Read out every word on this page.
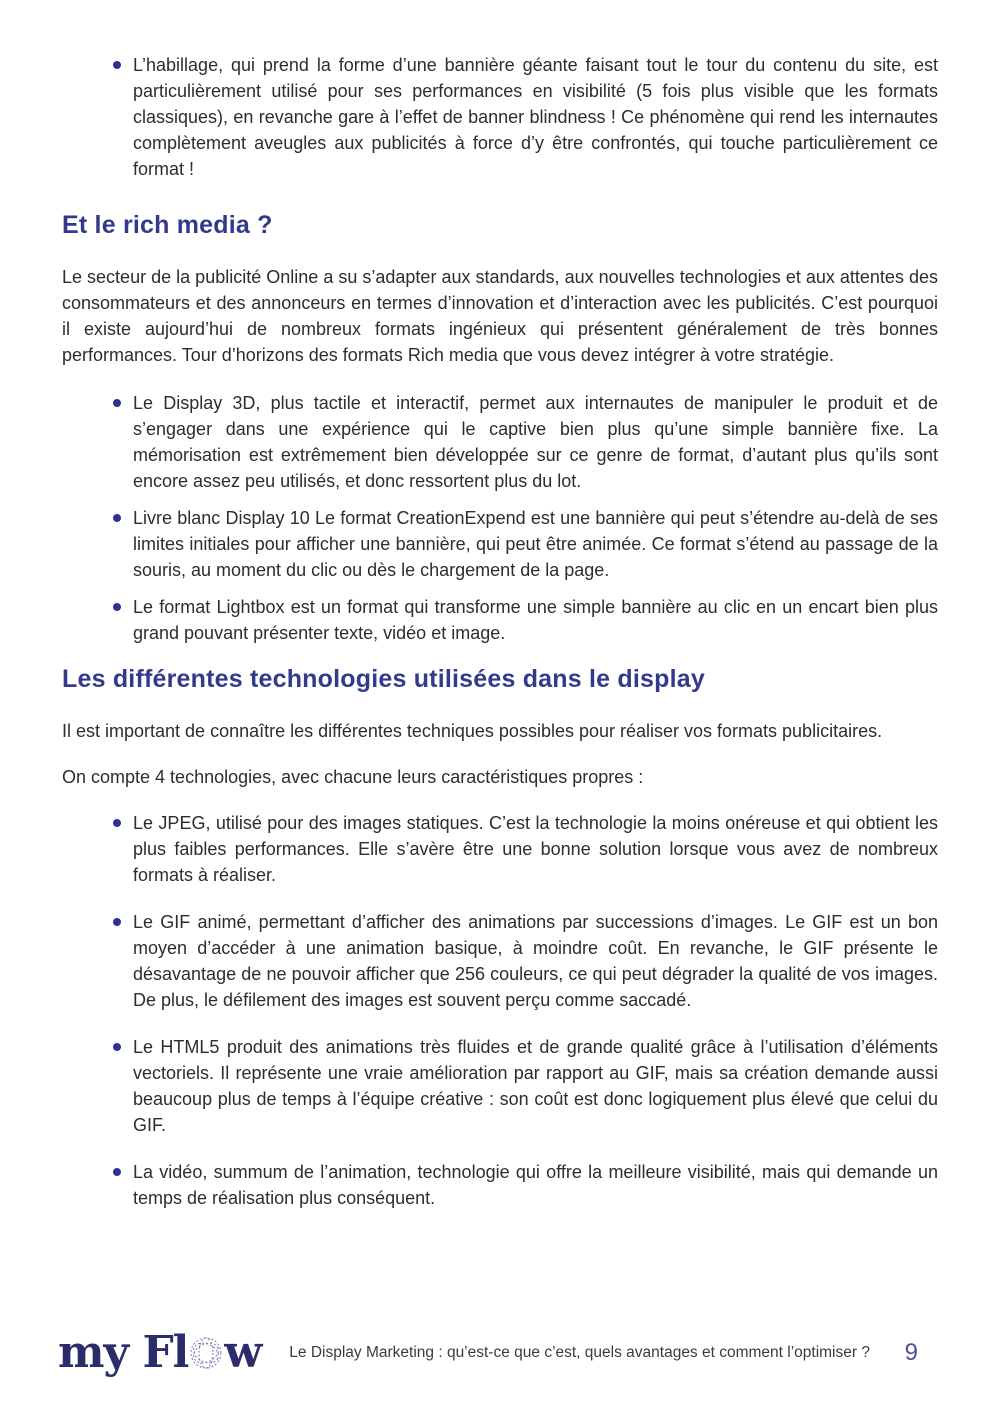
L’habillage, qui prend la forme d’une bannière géante faisant tout le tour du contenu du site, est particulièrement utilisé pour ses performances en visibilité (5 fois plus visible que les formats classiques), en revanche gare à l’effet de banner blindness ! Ce phénomène qui rend les internautes complètement aveugles aux publicités à force d’y être confrontés, qui touche particulièrement ce format !
Et le rich media ?

Le secteur de la publicité Online a su s’adapter aux standards, aux nouvelles technologies et aux attentes des consommateurs et des annonceurs en termes d’innovation et d’interaction avec les publicités. C’est pourquoi il existe aujourd’hui de nombreux formats ingénieux qui présentent généralement de très bonnes performances. Tour d’horizons des formats Rich media que vous devez intégrer à votre stratégie.

Le Display 3D, plus tactile et interactif, permet aux internautes de manipuler le produit et de s’engager dans une expérience qui le captive bien plus qu’une simple bannière fixe. La mémorisation est extrêmement bien développée sur ce genre de format, d’autant plus qu’ils sont encore assez peu utilisés, et donc ressortent plus du lot.
Livre blanc Display 10 Le format CreationExpend est une bannière qui peut s’étendre au-delà de ses limites initiales pour afficher une bannière, qui peut être animée. Ce format s’étend au passage de la souris, au moment du clic ou dès le chargement de la page.
Le format Lightbox est un format qui transforme une simple bannière au clic en un encart bien plus grand pouvant présenter texte, vidéo et image.
Les différentes technologies utilisées dans le display

Il est important de connaître les différentes techniques possibles pour réaliser vos formats publicitaires.

On compte 4 technologies, avec chacune leurs caractéristiques propres :

Le JPEG, utilisé pour des images statiques. C’est la technologie la moins onéreuse et qui obtient les plus faibles performances. Elle s’avère être une bonne solution lorsque vous avez de nombreux formats à réaliser.
Le GIF animé, permettant d’afficher des animations par successions d’images. Le GIF est un bon moyen d’accéder à une animation basique, à moindre coût. En revanche, le GIF présente le désavantage de ne pouvoir afficher que 256 couleurs, ce qui peut dégrader la qualité de vos images. De plus, le défilement des images est souvent perçu comme saccadé.
Le HTML5 produit des animations très fluides et de grande qualité grâce à l’utilisation d’éléments vectoriels. Il représente une vraie amélioration par rapport au GIF, mais sa création demande aussi beaucoup plus de temps à l’équipe créative : son coût est donc logiquement plus élevé que celui du GIF.
La vidéo, summum de l’animation, technologie qui offre la meilleure visibilité, mais qui demande un temps de réalisation plus conséquent.
my Fl w Le Display Marketing : qu’est-ce que c’est, quels avantages et comment l’optimiser ?	9
